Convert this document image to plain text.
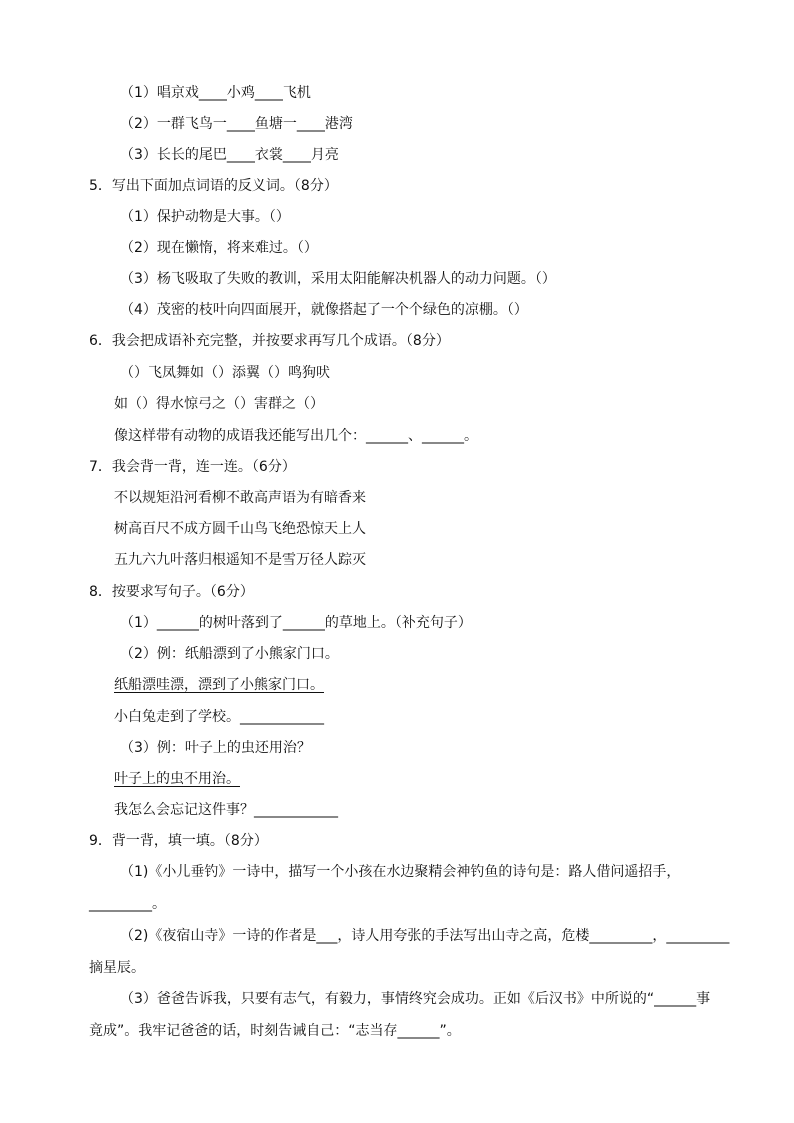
（1）唱京戏____小鸡____飞机
（2）一群飞鸟一____鱼塘一____港湾
（3）长长的尾巴____衣裳____月亮
5．写出下面加点词语的反义词。（8分）
（1）保护动物是大事。（）
（2）现在懒惰，将来难过。（）
（3）杨飞吸取了失败的教训，采用太阳能解决机器人的动力问题。（）
（4）茂密的枝叶向四面展开，就像搭起了一个个绿色的凉棚。（）
6．我会把成语补充完整，并按要求再写几个成语。（8分）
（）飞凤舞如（）添翼（）鸣狗吠
如（）得水惊弓之（）害群之（）
像这样带有动物的成语我还能写出几个：______、______。
7．我会背一背，连一连。（6分）
不以规矩沿河看柳不敢高声语为有暗香来
树高百尺不成方圆千山鸟飞绝恐惊天上人
五九六九叶落归根遥知不是雪万径人踪灭
8．按要求写句子。（6分）
（1）______的树叶落到了______的草地上。（补充句子）
（2）例：纸船漂到了小熊家门口。
纸船漂哇漂，漂到了小熊家门口。
小白兔走到了学校。____________
（3）例：叶子上的虫还用治？
叶子上的虫不用治。
我怎么会忘记这件事？____________
9．背一背，填一填。（8分）
（1)《小儿垂钓》一诗中，描写一个小孩在水边聚精会神钓鱼的诗句是：路人借问遥招手，
_________。
（2)《夜宿山寺》一诗的作者是___，诗人用夸张的手法写出山寺之高，危楼_________，_________
摘星辰。
（3）爸爸告诉我，只要有志气，有毅力，事情终究会成功。正如《后汉书》中所说的“______事
竟成”。我牢记爸爸的话，时刻告诫自己：“志当存______”。
